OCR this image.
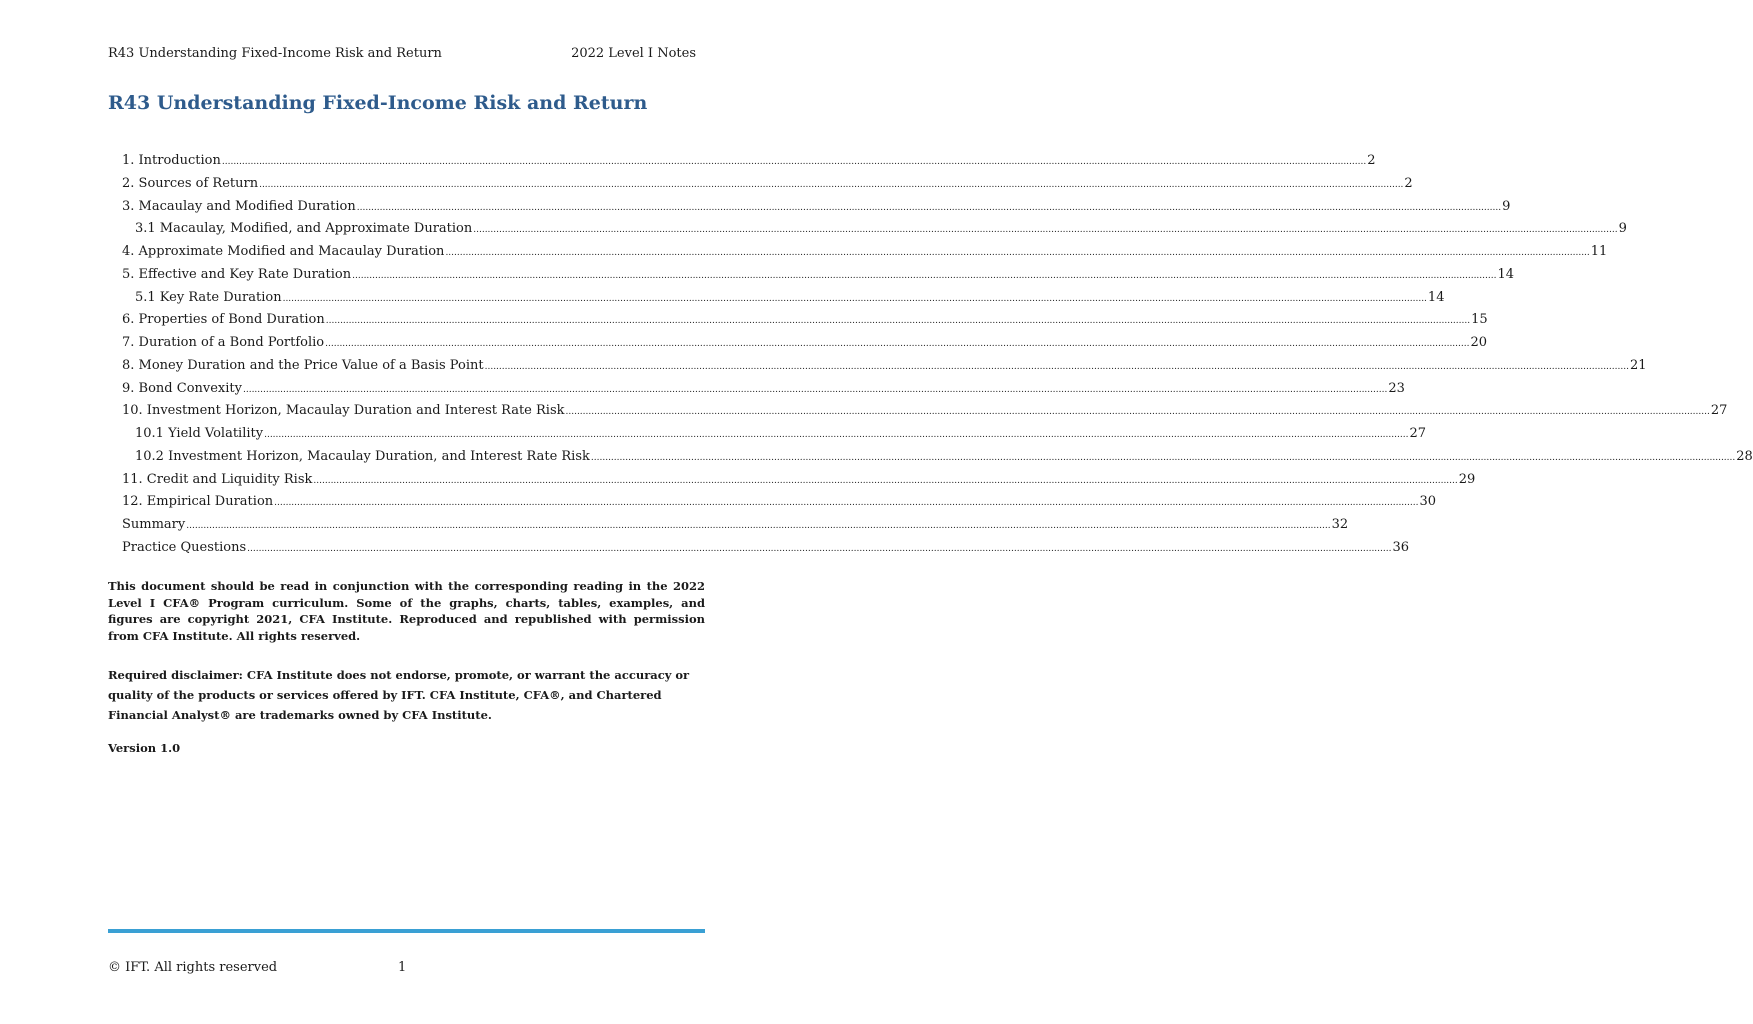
R43 Understanding Fixed-Income Risk and Return	2022 Level I Notes
R43 Understanding Fixed-Income Risk and Return
1. Introduction ................................................................................................................................................................................................................................................................................................................................................................................................................ 2
2. Sources of Return ................................................................................................................................................................................................................................................................................................................................................................................................................ 2
3. Macaulay and Modified Duration ................................................................................................................................................................................................................................................................................................................................................................................................................ 9
3.1 Macaulay, Modified, and Approximate Duration ................................................................................................................................................................................................................................................................................................................................................................................................................ 9
4. Approximate Modified and Macaulay Duration ................................................................................................................................................................................................................................................................................................................................................................................................................ 11
5. Effective and Key Rate Duration ................................................................................................................................................................................................................................................................................................................................................................................................................ 14
5.1 Key Rate Duration ................................................................................................................................................................................................................................................................................................................................................................................................................ 14
6. Properties of Bond Duration ................................................................................................................................................................................................................................................................................................................................................................................................................ 15
7. Duration of a Bond Portfolio ................................................................................................................................................................................................................................................................................................................................................................................................................ 20
8. Money Duration and the Price Value of a Basis Point ................................................................................................................................................................................................................................................................................................................................................................................................................ 21
9. Bond Convexity ................................................................................................................................................................................................................................................................................................................................................................................................................ 23
10. Investment Horizon, Macaulay Duration and Interest Rate Risk ................................................................................................................................................................................................................................................................................................................................................................................................................ 27
10.1 Yield Volatility ................................................................................................................................................................................................................................................................................................................................................................................................................ 27
10.2 Investment Horizon, Macaulay Duration, and Interest Rate Risk ................................................................................................................................................................................................................................................................................................................................................................................................................ 28
11. Credit and Liquidity Risk ................................................................................................................................................................................................................................................................................................................................................................................................................ 29
12. Empirical Duration ................................................................................................................................................................................................................................................................................................................................................................................................................ 30
Summary ................................................................................................................................................................................................................................................................................................................................................................................................................ 32
Practice Questions ................................................................................................................................................................................................................................................................................................................................................................................................................ 36

This document should be read in conjunction with the corresponding reading in the 2022 Level I CFA® Program curriculum. Some of the graphs, charts, tables, examples, and figures are copyright 2021, CFA Institute. Reproduced and republished with permission from CFA Institute. All rights reserved.

Required disclaimer: CFA Institute does not endorse, promote, or warrant the accuracy or quality of the products or services offered by IFT. CFA Institute, CFA®, and Chartered Financial Analyst® are trademarks owned by CFA Institute.

Version 1.0
© IFT. All rights reserved	1
